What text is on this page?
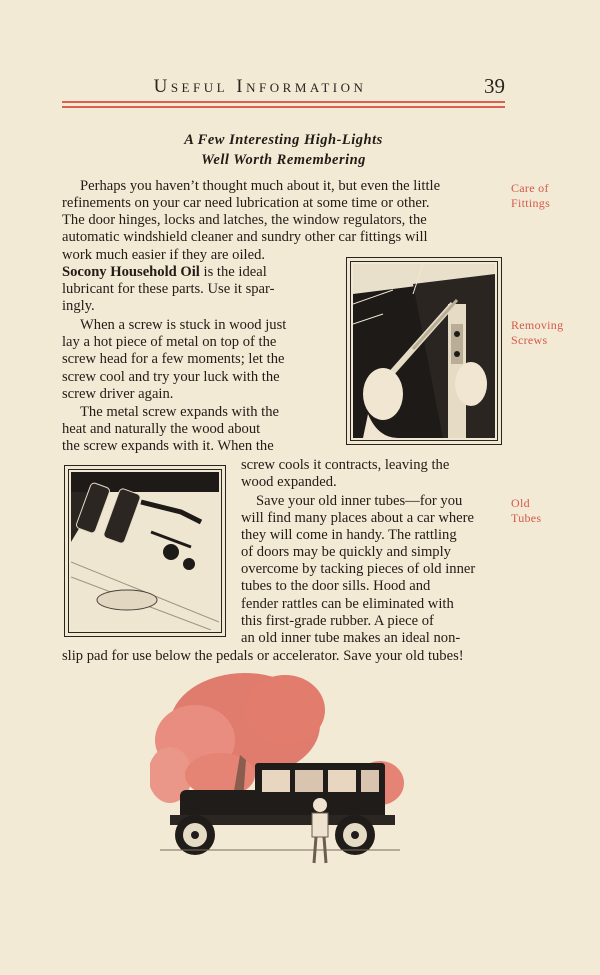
Useful Information	39
A Few Interesting High-Lights
Well Worth Remembering
Perhaps you haven’t thought much about it, but even the little
refinements on your car need lubrication at some time or other.
The door hinges, locks and latches, the window regulators, the
automatic windshield cleaner and sundry other car fittings will
work much easier if they are oiled.
Socony Household Oil is the ideal
lubricant for these parts. Use it spar-
ingly.
When a screw is stuck in wood just
lay a hot piece of metal on top of the
screw head for a few moments; let the
screw cool and try your luck with the
screw driver again.
The metal screw expands with the
heat and naturally the wood about
the screw expands with it. When the
screw cools it contracts, leaving the
wood expanded.
Save your old inner tubes—for you
will find many places about a car where
they will come in handy. The rattling
of doors may be quickly and simply
overcome by tacking pieces of old inner
tubes to the door sills. Hood and
fender rattles can be eliminated with
this first-grade rubber. A piece of
an old inner tube makes an ideal non-
slip pad for use below the pedals or accelerator. Save your old tubes!
Care of
Fittings
Removing
Screws
Old
Tubes
